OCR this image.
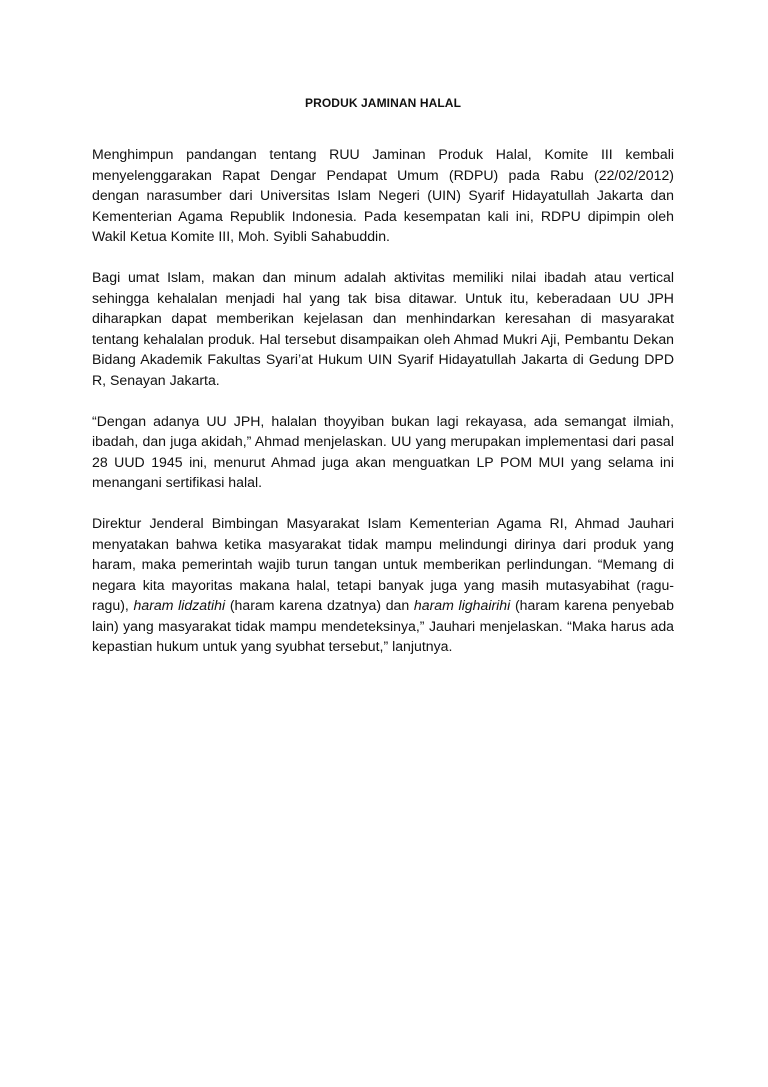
PRODUK JAMINAN HALAL

Menghimpun pandangan tentang RUU Jaminan Produk Halal, Komite III kembali menyelenggarakan Rapat Dengar Pendapat Umum (RDPU) pada Rabu (22/02/2012) dengan narasumber dari Universitas Islam Negeri (UIN) Syarif Hidayatullah Jakarta dan Kementerian Agama Republik Indonesia. Pada kesempatan kali ini, RDPU dipimpin oleh Wakil Ketua Komite III, Moh. Syibli Sahabuddin.

Bagi umat Islam, makan dan minum adalah aktivitas memiliki nilai ibadah atau vertical sehingga kehalalan menjadi hal yang tak bisa ditawar. Untuk itu, keberadaan UU JPH diharapkan dapat memberikan kejelasan dan menhindarkan keresahan di masyarakat tentang kehalalan produk. Hal tersebut disampaikan oleh Ahmad Mukri Aji, Pembantu Dekan Bidang Akademik Fakultas Syari’at Hukum UIN Syarif Hidayatullah Jakarta di Gedung DPD R, Senayan Jakarta.

“Dengan adanya UU JPH, halalan thoyyiban bukan lagi rekayasa, ada semangat ilmiah, ibadah, dan juga akidah,” Ahmad menjelaskan. UU yang merupakan implementasi dari pasal 28 UUD 1945 ini, menurut Ahmad juga akan menguatkan LP POM MUI yang selama ini menangani sertifikasi halal.

Direktur Jenderal Bimbingan Masyarakat Islam Kementerian Agama RI, Ahmad Jauhari menyatakan bahwa ketika masyarakat tidak mampu melindungi dirinya dari produk yang haram, maka pemerintah wajib turun tangan untuk memberikan perlindungan. “Memang di negara kita mayoritas makana halal, tetapi banyak juga yang masih mutasyabihat (ragu-ragu), haram lidzatihi (haram karena dzatnya) dan haram lighairihi (haram karena penyebab lain) yang masyarakat tidak mampu mendeteksinya,” Jauhari menjelaskan. “Maka harus ada kepastian hukum untuk yang syubhat tersebut,” lanjutnya.
